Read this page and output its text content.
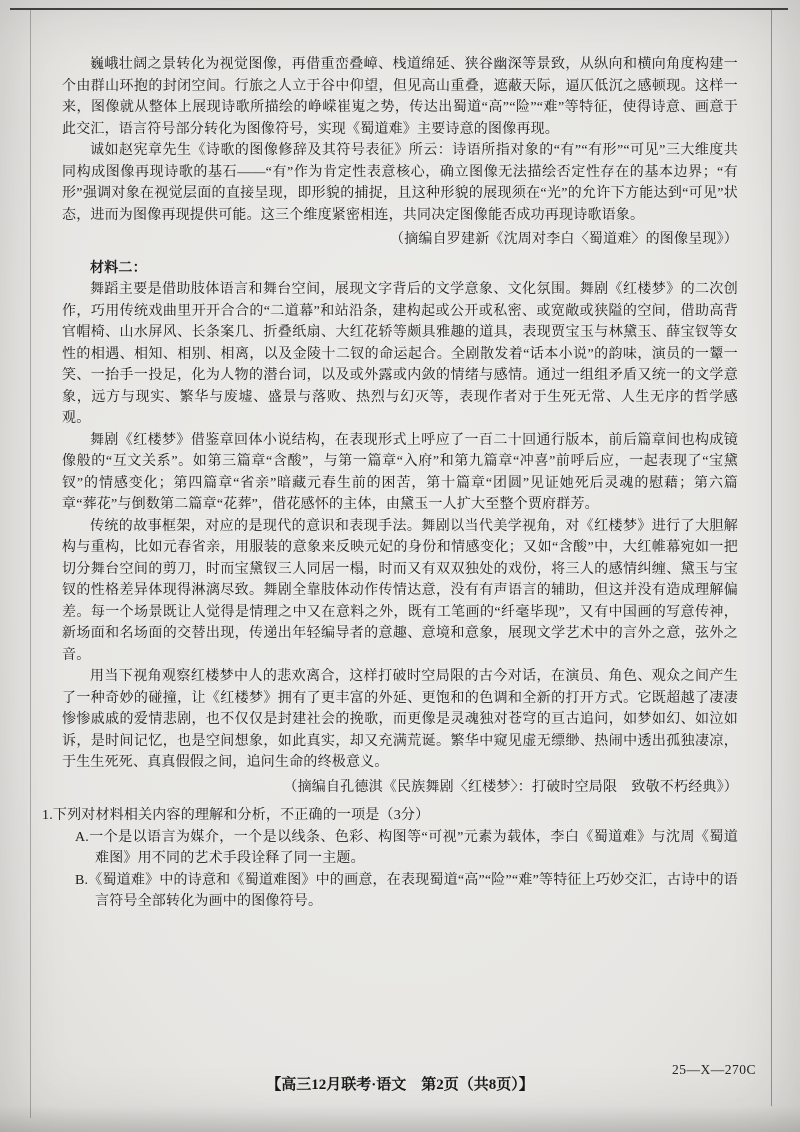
巍峨壮阔之景转化为视觉图像，再借重峦叠嶂、栈道绵延、狭谷幽深等景致，从纵向和横向角度构建一个由群山环抱的封闭空间。行旅之人立于谷中仰望，但见高山重叠，遮蔽天际，逼仄低沉之感顿现。这样一来，图像就从整体上展现诗歌所描绘的峥嵘崔嵬之势，传达出蜀道“高”“险”“难”等特征，使得诗意、画意于此交汇，语言符号部分转化为图像符号，实现《蜀道难》主要诗意的图像再现。

诚如赵宪章先生《诗歌的图像修辞及其符号表征》所云：诗语所指对象的“有”“有形”“可见”三大维度共同构成图像再现诗歌的基石——“有”作为肯定性表意核心，确立图像无法描绘否定性存在的基本边界；“有形”强调对象在视觉层面的直接呈现，即形貌的捕捉，且这种形貌的展现须在“光”的允许下方能达到“可见”状态，进而为图像再现提供可能。这三个维度紧密相连，共同决定图像能否成功再现诗歌语象。

（摘编自罗建新《沈周对李白〈蜀道难〉的图像呈现》）

材料二：

舞蹈主要是借助肢体语言和舞台空间，展现文字背后的文学意象、文化氛围。舞剧《红楼梦》的二次创作，巧用传统戏曲里开开合合的“二道幕”和站沿条，建构起或公开或私密、或宽敞或狭隘的空间，借助高背官帽椅、山水屏风、长条案几、折叠纸扇、大红花轿等颇具雅趣的道具，表现贾宝玉与林黛玉、薛宝钗等女性的相遇、相知、相别、相离，以及金陵十二钗的命运起合。全剧散发着“话本小说”的韵味，演员的一颦一笑、一抬手一投足，化为人物的潜台词，以及或外露或内敛的情绪与感情。通过一组组矛盾又统一的文学意象，远方与现实、繁华与废墟、盛景与落败、热烈与幻灭等，表现作者对于生死无常、人生无序的哲学感观。

舞剧《红楼梦》借鉴章回体小说结构，在表现形式上呼应了一百二十回通行版本，前后篇章间也构成镜像般的“互文关系”。如第三篇章“含酸”，与第一篇章“入府”和第九篇章“冲喜”前呼后应，一起表现了“宝黛钗”的情感变化；第四篇章“省亲”暗藏元春生前的困苦，第十篇章“团圆”见证她死后灵魂的慰藉；第六篇章“葬花”与倒数第二篇章“花葬”，借花感怀的主体，由黛玉一人扩大至整个贾府群芳。

传统的故事框架，对应的是现代的意识和表现手法。舞剧以当代美学视角，对《红楼梦》进行了大胆解构与重构，比如元春省亲，用服装的意象来反映元妃的身份和情感变化；又如“含酸”中，大红帷幕宛如一把切分舞台空间的剪刀，时而宝黛钗三人同居一榻，时而又有双双独处的戏份，将三人的感情纠缠、黛玉与宝钗的性格差异体现得淋漓尽致。舞剧全靠肢体动作传情达意，没有有声语言的辅助，但这并没有造成理解偏差。每一个场景既让人觉得是情理之中又在意料之外，既有工笔画的“纤毫毕现”，又有中国画的写意传神，新场面和名场面的交替出现，传递出年轻编导者的意趣、意境和意象，展现文学艺术中的言外之意，弦外之音。

用当下视角观察红楼梦中人的悲欢离合，这样打破时空局限的古今对话，在演员、角色、观众之间产生了一种奇妙的碰撞，让《红楼梦》拥有了更丰富的外延、更饱和的色调和全新的打开方式。它既超越了凄凄惨惨戚戚的爱情悲剧，也不仅仅是封建社会的挽歌，而更像是灵魂独对苍穹的亘古追问，如梦如幻、如泣如诉，是时间记忆，也是空间想象，如此真实，却又充满荒诞。繁华中窥见虚无缥缈、热闹中透出孤独凄凉，于生生死死、真真假假之间，追问生命的终极意义。

（摘编自孔德淇《民族舞剧〈红楼梦〉：打破时空局限　致敬不朽经典》）

1.下列对材料相关内容的理解和分析，不正确的一项是（3分）

A.一个是以语言为媒介，一个是以线条、色彩、构图等“可视”元素为载体，李白《蜀道难》与沈周《蜀道难图》用不同的艺术手段诠释了同一主题。

B.《蜀道难》中的诗意和《蜀道难图》中的画意，在表现蜀道“高”“险”“难”等特征上巧妙交汇，古诗中的语言符号全部转化为画中的图像符号。

25—X—270C
【高三12月联考·语文　第2页（共8页）】
